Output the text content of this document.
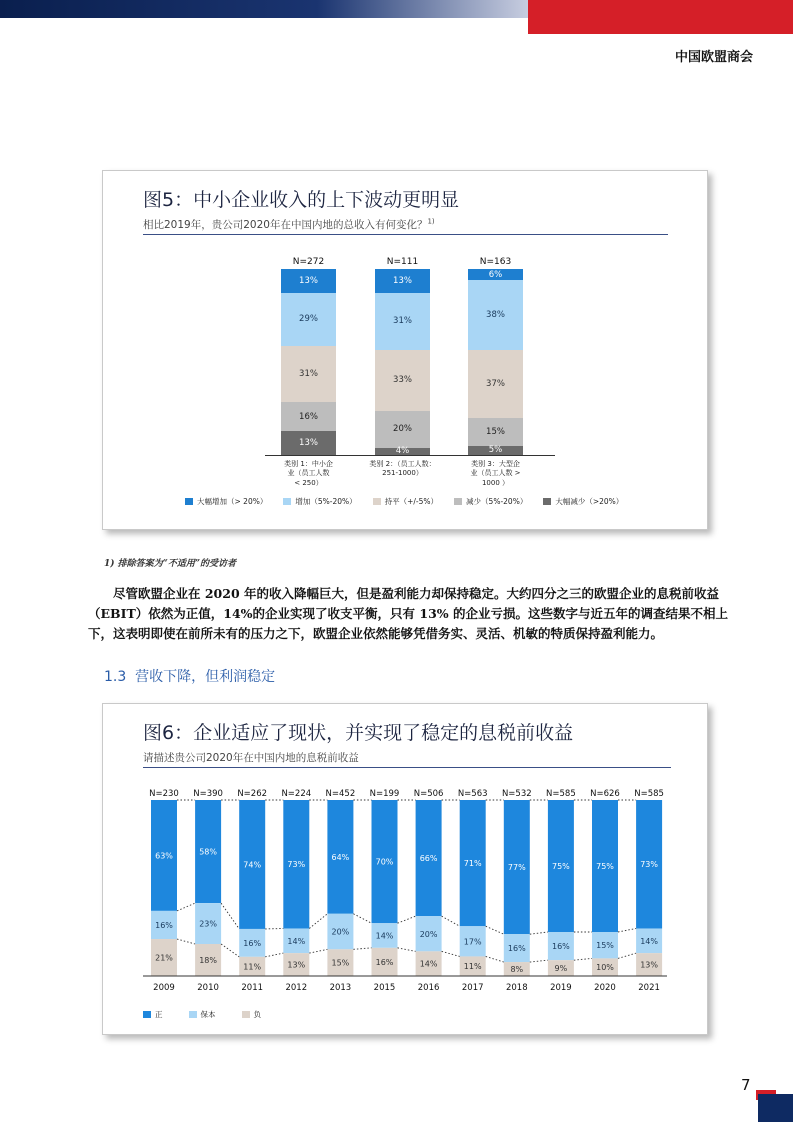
中国欧盟商会
图5：中小企业收入的上下波动更明显
相比2019年，贵公司2020年在中国内地的总收入有何变化？$^{1)}$
N=272
13%
29%
31%
16%
13%
类别 1：中小企
业（员工人数
< 250）
N=111
13%
31%
33%
20%
4%
类别 2：（员工人数：
251-1000）
N=163
6%
38%
37%
15%
5%
类别 3：大型企
业（员工人数 >
1000 ）
大幅增加（> 20%）	增加（5%-20%）	持平（+/-5%）	减少（5%-20%）	大幅减少（>20%）
1) 排除答案为“不适用”的受访者
尽管欧盟企业在 2020 年的收入降幅巨大，但是盈利能力却保持稳定。大约四分之三的欧盟企业的息税前收益（EBIT）依然为正值，14%的企业实现了收支平衡，只有 13% 的企业亏损。这些数字与近五年的调查结果不相上下，这表明即使在前所未有的压力之下，欧盟企业依然能够凭借务实、灵活、机敏的特质保持盈利能力。
1.3 营收下降，但利润稳定
图6：企业适应了现状，并实现了稳定的息税前收益
请描述贵公司2020年在中国内地的息税前收益
N=230
63%
16%
21%
2009
N=390
58%
23%
18%
2010
N=262
74%
16%
11%
2011
N=224
73%
14%
13%
2012
N=452
64%
20%
15%
2013
N=199
70%
14%
16%
2015
N=506
66%
20%
14%
2016
N=563
71%
17%
11%
2017
N=532
77%
16%
8%
2018
N=585
75%
16%
9%
2019
N=626
75%
15%
10%
2020
N=585
73%
14%
13%
2021
正	保本	负
7
